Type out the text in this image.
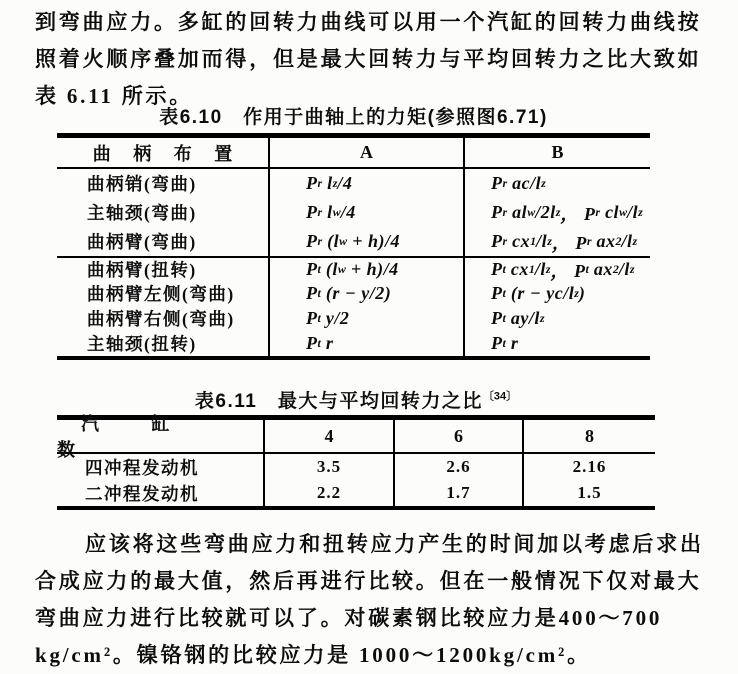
到弯曲应力。多缸的回转力曲线可以用一个汽缸的回转力曲线按
照着火顺序叠加而得，但是最大回转力与平均回转力之比大致如
表 6.11 所示。
表6.10　作用于曲轴上的力矩(参照图6.71)
曲 柄 布 置	A	B
曲柄销(弯曲)	P r l z /4	P r ac/l z
主轴颈(弯曲)	P r l w /4	P r al w /2l z ， P r cl w /l z
曲柄臂(弯曲)	P r (l w + h)/4	P r cx 1 /l z ， P r ax 2 /l z
曲柄臂(扭转)	P t (l w + h)/4	P t cx 1 /l z ， P t ax 2 /l z
曲柄臂左侧(弯曲)	P t (r − y/2)	P t (r − yc/l z )
曲柄臂右侧(弯曲)	P t y/2	P t ay/l z
主轴颈(扭转)	P t r	P t r
表6.11　最大与平均回转力之比$^{〔34〕}$
汽 缸 数
4	6	8
四冲程发动机	3.5	2.6	2.16
二冲程发动机	2.2	1.7	1.5
应该将这些弯曲应力和扭转应力产生的时间加以考虑后求出
合成应力的最大值，然后再进行比较。但在一般情况下仅对最大
弯曲应力进行比较就可以了。对碳素钢比较应力是400～700
kg/cm²。镍铬钢的比较应力是 1000～1200kg/cm²。
